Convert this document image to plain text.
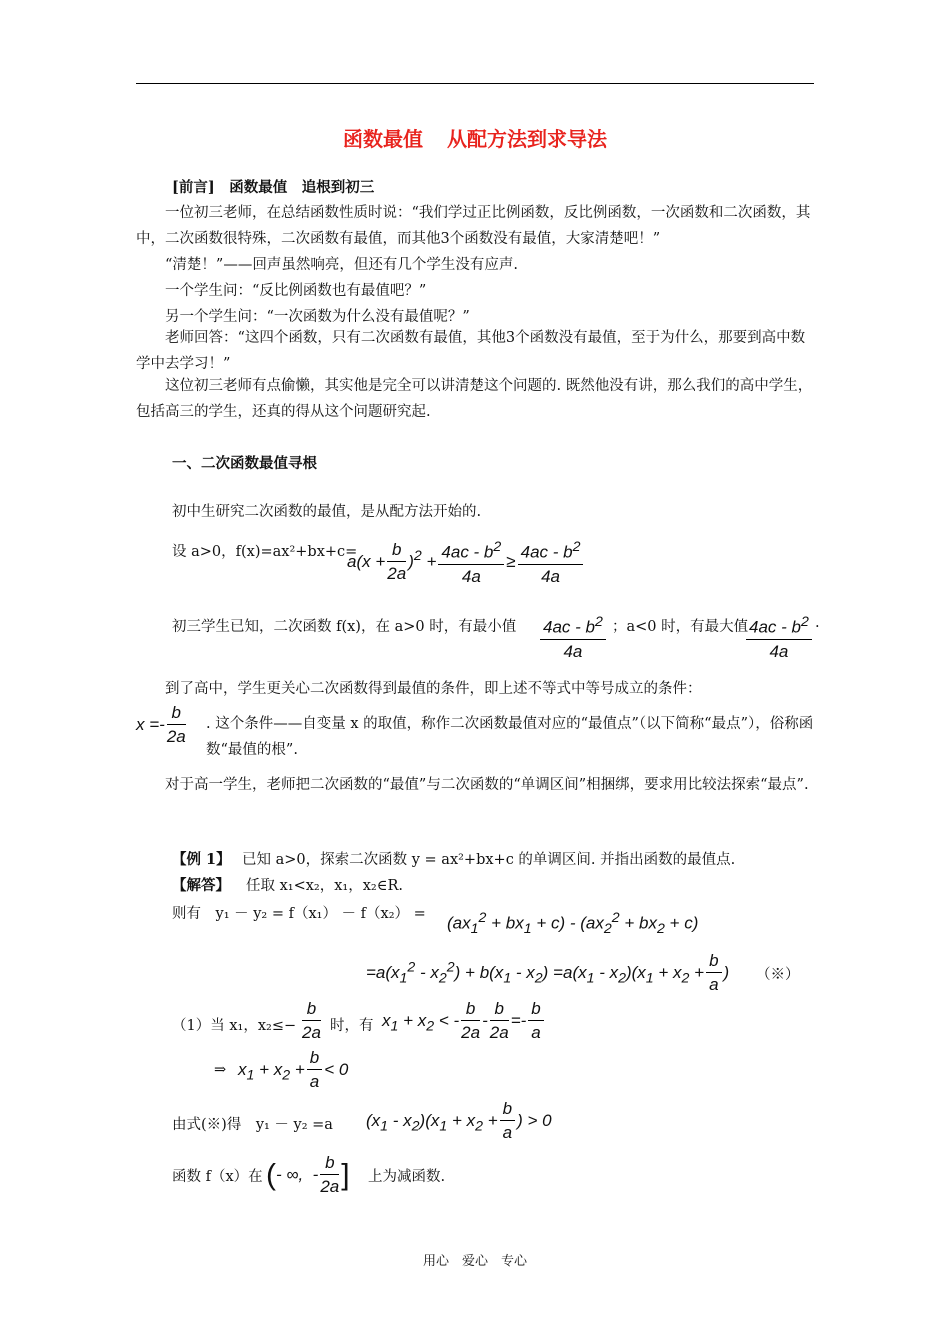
函数最值 从配方法到求导法
[前言]　函数最值　追根到初三
一位初三老师，在总结函数性质时说：“我们学过正比例函数，反比例函数，一次函数和二次函数，其中，二次函数很特殊，二次函数有最值，而其他3个函数没有最值，大家清楚吧！”
“清楚！”——回声虽然响亮，但还有几个学生没有应声.
一个学生问：“反比例函数也有最值吧？”
另一个学生问：“一次函数为什么没有最值呢？”
老师回答：“这四个函数，只有二次函数有最值，其他3个函数没有最值，至于为什么，那要到高中数学中去学习！”
这位初三老师有点偷懒，其实他是完全可以讲清楚这个问题的. 既然他没有讲，那么我们的高中学生，包括高三的学生，还真的得从这个问题研究起.
一、二次函数最值寻根
初中生研究二次函数的最值，是从配方法开始的.
设 a>0，f(x)=ax²+bx+c=
$a(x + \frac{b}{2a} )^2 + \frac{4ac - b^2}{4a} \ge \frac{4ac - b^2}{4a}$
初三学生已知，二次函数 f(x)，在 a>0 时，有最小值 $\frac{4ac - b^2}{4a}$ ；a<0 时，有最大值
$\frac{4ac - b^2}{4a}$ .
到了高中，学生更关心二次函数得到最值的条件，即上述不等式中等号成立的条件：
$x =- \frac{b}{2a}$ . 这个条件——自变量 x 的取值，称作二次函数最值对应的“最值点”（以下简称“最点”），俗称函数“最值的根”.
对于高一学生，老师把二次函数的“最值”与二次函数的“单调区间”相捆绑，要求用比较法探索“最点”.
【例 1】 已知 a>0，探索二次函数 y = ax²+bx+c 的单调区间. 并指出函数的最值点.
【解答】 任取 x₁<x₂，x₁，x₂∈R.
则有　$y_1 - y_2 = f(x_1) - f(x_2) = (ax_1^2 + bx_1 + c) - (ax_2^2 + bx_2 + c)$
$=a(x_1^2 - x_2^2) + b(x_1 - x_2) =a(x_1 - x_2)(x_1 + x_2 + \frac{b}{a}$ ) （※）
（1）当 x₁，$x_2\le- \frac{b}{2a}$ 时，有 $x_1 + x_2$ < - $\frac{b}{2a} - \frac{b}{2a} =- \frac{b}{a}$
⇒ $x_1 + x_2 + \frac{b}{a} < 0$
由式(※)得　y₁ － y₂ =a $(x_1 - x_2)(x_1 + x_2 + \frac{b}{a}$ ) > 0
函数 f（x）在 (- ∞,  - $\frac{b}{2a}$ ] 上为减函数.
用心　爱心　专心
